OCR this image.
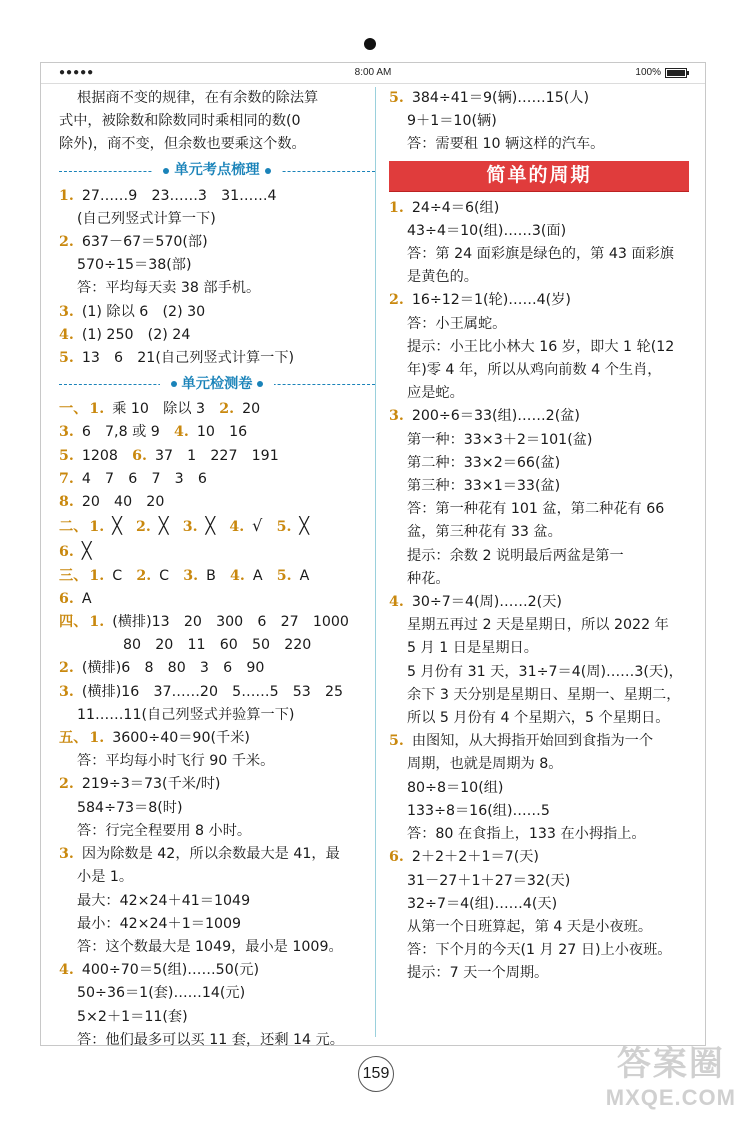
●●●●●	8:00 AM	100%
根据商不变的规律，在有余数的除法算
式中，被除数和除数同时乘相同的数(0
除外)，商不变，但余数也要乘这个数。
单元考点梳理
1. 27……9　23……3　31……4
(自己列竖式计算一下)
2. 637－67＝570(部)
570÷15＝38(部)
答：平均每天卖 38 部手机。
3. (1) 除以 6　(2) 30
4. (1) 250　(2) 24
5. 13　6　21(自己列竖式计算一下)
单元检测卷
一、 1. 乘 10　除以 3　 2. 20
3. 6　7,8 或 9　 4. 10　16
5. 1208　 6. 37　1　227　191
7. 4　7　6　7　3　6
8. 20　40　20
二、 1. ╳　 2. ╳　 3. ╳　 4. √　 5. ╳
6. ╳
三、 1. C　 2. C　 3. B　 4. A　 5. A
6. A
四、 1. (横排)13　20　300　6　27　1000
80　20　11　60　50　220
2. (横排)6　8　80　3　6　90
3. (横排)16　37……20　5……5　53　25
11……11(自己列竖式并验算一下)
五、 1. 3600÷40＝90(千米)
答：平均每小时飞行 90 千米。
2. 219÷3＝73(千米/时)
584÷73＝8(时)
答：行完全程要用 8 小时。
3. 因为除数是 42，所以余数最大是 41，最
小是 1。
最大：42×24＋41＝1049
最小：42×24＋1＝1009
答：这个数最大是 1049，最小是 1009。
4. 400÷70＝5(组)……50(元)
50÷36＝1(套)……14(元)
5×2＋1＝11(套)
答：他们最多可以买 11 套，还剩 14 元。
5. 384÷41＝9(辆)……15(人)
9＋1＝10(辆)
答：需要租 10 辆这样的汽车。
简单的周期
1. 24÷4＝6(组)
43÷4＝10(组)……3(面)
答：第 24 面彩旗是绿色的，第 43 面彩旗
是黄色的。
2. 16÷12＝1(轮)……4(岁)
答：小王属蛇。
提示：小王比小林大 16 岁，即大 1 轮(12
年)零 4 年，所以从鸡向前数 4 个生肖，
应是蛇。
3. 200÷6＝33(组)……2(盆)
第一种：33×3＋2＝101(盆)
第二种：33×2＝66(盆)
第三种：33×1＝33(盆)
答：第一种花有 101 盆，第二种花有 66
盆，第三种花有 33 盆。
提示：余数 2 说明最后两盆是第一
种花。
4. 30÷7＝4(周)……2(天)
星期五再过 2 天是星期日，所以 2022 年
5 月 1 日是星期日。
5 月份有 31 天，31÷7＝4(周)……3(天)，
余下 3 天分别是星期日、星期一、星期二，
所以 5 月份有 4 个星期六，5 个星期日。
5. 由图知，从大拇指开始回到食指为一个
周期，也就是周期为 8。
80÷8＝10(组)
133÷8＝16(组)……5
答：80 在食指上，133 在小拇指上。
6. 2＋2＋2＋1＝7(天)
31－27＋1＋27＝32(天)
32÷7＝4(组)……4(天)
从第一个日班算起，第 4 天是小夜班。
答：下个月的今天(1 月 27 日)上小夜班。
提示：7 天一个周期。
159	答案圈
MXQE.COM
